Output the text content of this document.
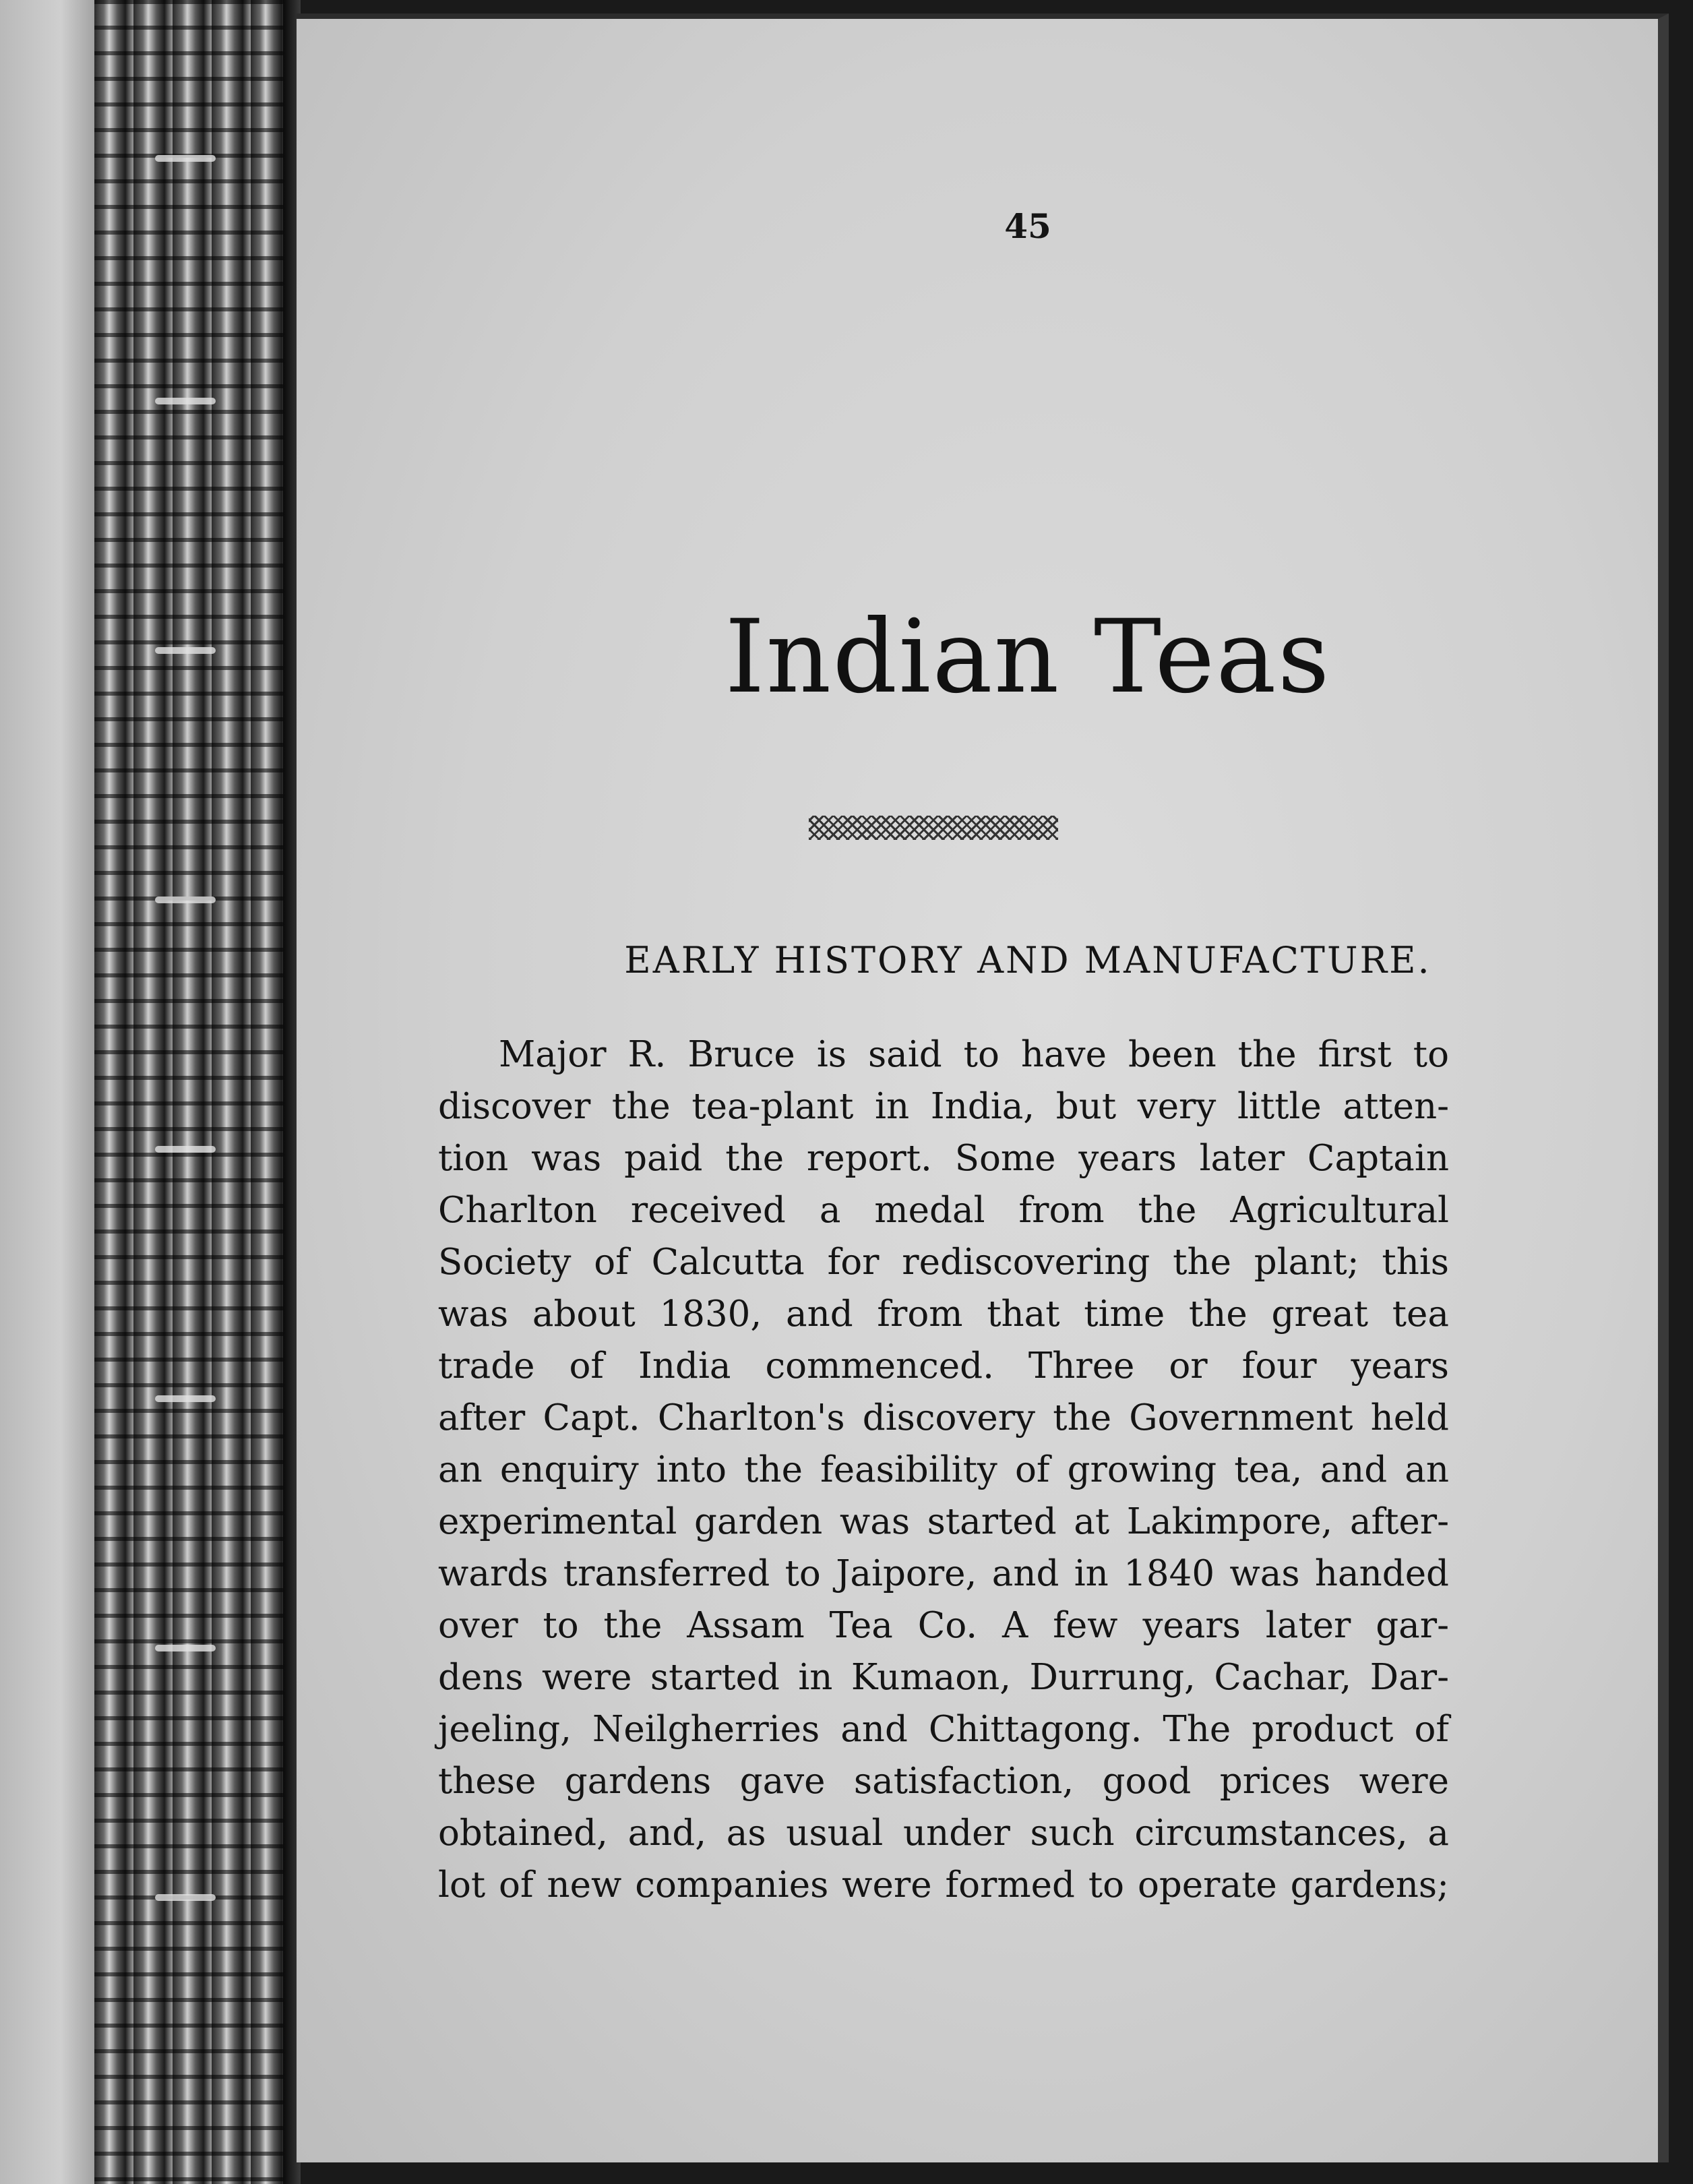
45
Indian Teas
EARLY HISTORY AND MANUFACTURE.
Major R. Bruce is said to have been the first to
discover the tea-plant in India, but very little atten-
tion was paid the report. Some years later Captain
Charlton received a medal from the Agricultural
Society of Calcutta for rediscovering the plant; this
was about 1830, and from that time the great tea
trade of India commenced. Three or four years
after Capt. Charlton's discovery the Government held
an enquiry into the feasibility of growing tea, and an
experimental garden was started at Lakimpore, after-
wards transferred to Jaipore, and in 1840 was handed
over to the Assam Tea Co. A few years later gar-
dens were started in Kumaon, Durrung, Cachar, Dar-
jeeling, Neilgherries and Chittagong. The product of
these gardens gave satisfaction, good prices were
obtained, and, as usual under such circumstances, a
lot of new companies were formed to operate gardens;
